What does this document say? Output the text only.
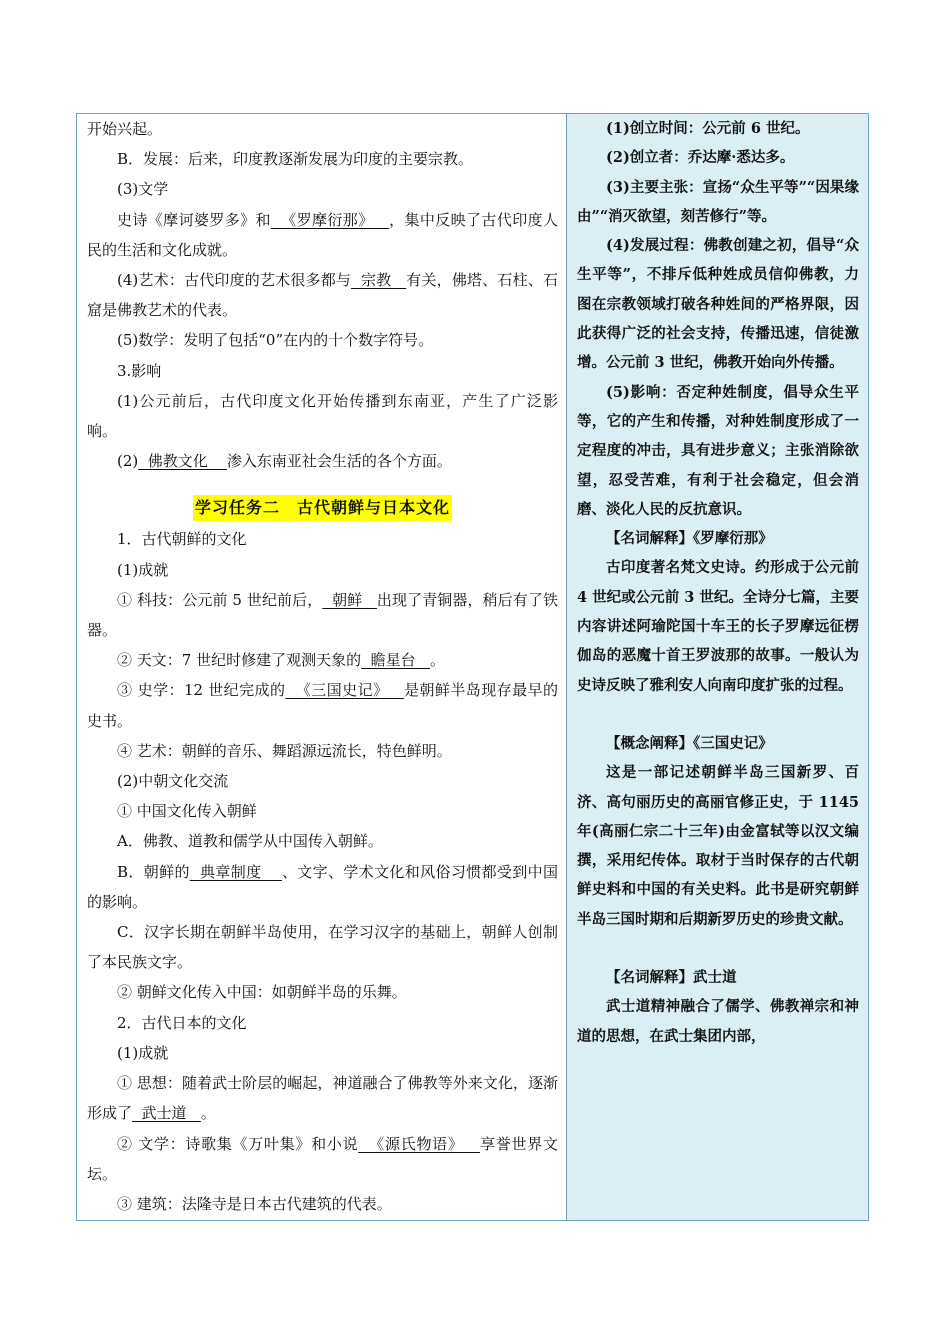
开始兴起。

B．发展：后来，印度教逐渐发展为印度的主要宗教。

(3)文学

史诗《摩诃婆罗多》和  《罗摩衍那》   ，集中反映了古代印度人民的生活和文化成就。

(4)艺术：古代印度的艺术很多都与  宗教   有关，佛塔、石柱、石窟是佛教艺术的代表。

(5)数学：发明了包括“0”在内的十个数字符号。

3.影响

(1)公元前后，古代印度文化开始传播到东南亚，产生了广泛影响。

(2)  佛教文化    渗入东南亚社会生活的各个方面。

学习任务二　古代朝鲜与日本文化

1．古代朝鲜的文化

(1)成就

① 科技：公元前 5 世纪前后，  朝鲜   出现了青铜器，稍后有了铁器。

② 天文：7 世纪时修建了观测天象的  瞻星台   。

③ 史学：12 世纪完成的  《三国史记》   是朝鲜半岛现存最早的史书。

④ 艺术：朝鲜的音乐、舞蹈源远流长，特色鲜明。

(2)中朝文化交流

① 中国文化传入朝鲜

A．佛教、道教和儒学从中国传入朝鲜。

B．朝鲜的  典章制度    、文字、学术文化和风俗习惯都受到中国的影响。

C．汉字长期在朝鲜半岛使用，在学习汉字的基础上，朝鲜人创制了本民族文字。

② 朝鲜文化传入中国：如朝鲜半岛的乐舞。

2．古代日本的文化

(1)成就

① 思想：随着武士阶层的崛起，神道融合了佛教等外来文化，逐渐形成了  武士道   。

② 文学：诗歌集《万叶集》和小说  《源氏物语》   享誉世界文坛。

③ 建筑：法隆寺是日本古代建筑的代表。

(1)创立时间：公元前 6 世纪。

(2)创立者：乔达摩·悉达多。

(3)主要主张：宣扬“众生平等”“因果缘由”“消灭欲望，刻苦修行”等。

(4)发展过程：佛教创建之初，倡导“众生平等”，不排斥低种姓成员信仰佛教，力图在宗教领域打破各种姓间的严格界限，因此获得广泛的社会支持，传播迅速，信徒激增。公元前 3 世纪，佛教开始向外传播。

(5)影响：否定种姓制度，倡导众生平等，它的产生和传播，对种姓制度形成了一定程度的冲击，具有进步意义；主张消除欲望，忍受苦难，有利于社会稳定，但会消磨、淡化人民的反抗意识。

【名词解释】《罗摩衍那》

古印度著名梵文史诗。约形成于公元前 4 世纪或公元前 3 世纪。全诗分七篇，主要内容讲述阿瑜陀国十车王的长子罗摩远征楞伽岛的恶魔十首王罗波那的故事。一般认为史诗反映了雅利安人向南印度扩张的过程。

【概念阐释】《三国史记》

这是一部记述朝鲜半岛三国新罗、百济、高句丽历史的高丽官修正史，于 1145 年(高丽仁宗二十三年)由金富轼等以汉文编撰，采用纪传体。取材于当时保存的古代朝鲜史料和中国的有关史料。此书是研究朝鲜半岛三国时期和后期新罗历史的珍贵文献。

【名词解释】武士道

武士道精神融合了儒学、佛教禅宗和神道的思想，在武士集团内部，
